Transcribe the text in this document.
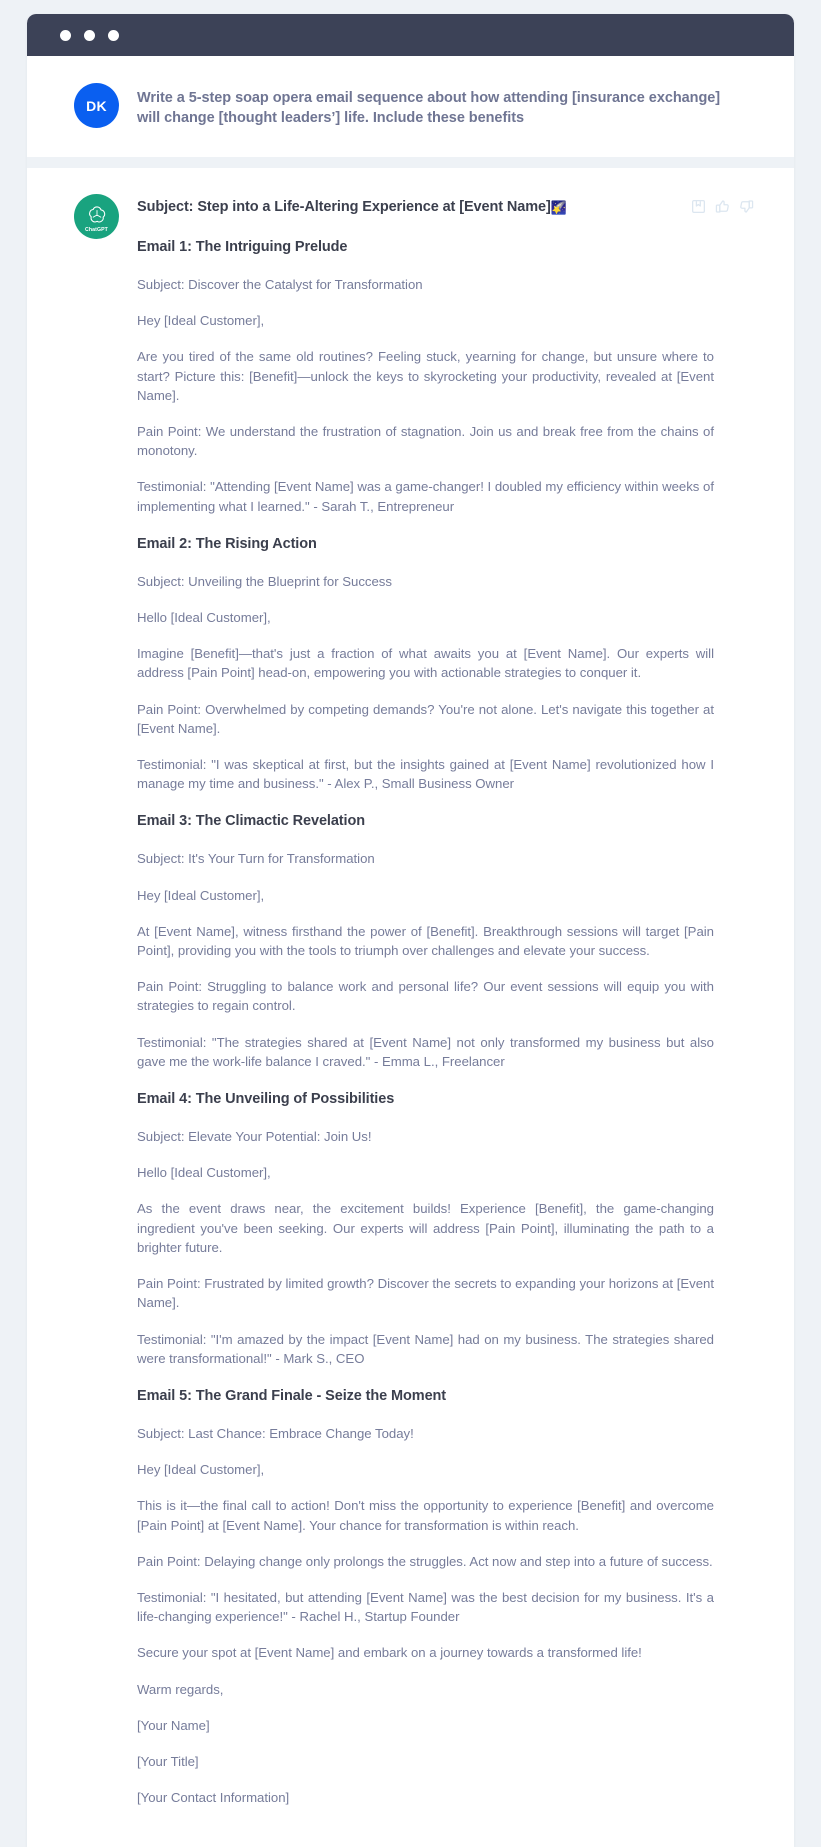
DK Write a 5-step soap opera email sequence about how attending [insurance exchange] will change [thought leaders’] life. Include these benefits
ChatGPT
Subject: Step into a Life-Altering Experience at [Event Name]🌠
Email 1: The Intriguing Prelude

Subject: Discover the Catalyst for Transformation

Hey [Ideal Customer],

Are you tired of the same old routines? Feeling stuck, yearning for change, but unsure where to start? Picture this: [Benefit]—unlock the keys to skyrocketing your productivity, revealed at [Event Name].

Pain Point: We understand the frustration of stagnation. Join us and break free from the chains of monotony.

Testimonial: "Attending [Event Name] was a game-changer! I doubled my efficiency within weeks of implementing what I learned." - Sarah T., Entrepreneur

Email 2: The Rising Action

Subject: Unveiling the Blueprint for Success

Hello [Ideal Customer],

Imagine [Benefit]—that's just a fraction of what awaits you at [Event Name]. Our experts will address [Pain Point] head-on, empowering you with actionable strategies to conquer it.

Pain Point: Overwhelmed by competing demands? You're not alone. Let's navigate this together at [Event Name].

Testimonial: "I was skeptical at first, but the insights gained at [Event Name] revolutionized how I manage my time and business." - Alex P., Small Business Owner

Email 3: The Climactic Revelation

Subject: It's Your Turn for Transformation

Hey [Ideal Customer],

At [Event Name], witness firsthand the power of [Benefit]. Breakthrough sessions will target [Pain Point], providing you with the tools to triumph over challenges and elevate your success.

Pain Point: Struggling to balance work and personal life? Our event sessions will equip you with strategies to regain control.

Testimonial: "The strategies shared at [Event Name] not only transformed my business but also gave me the work-life balance I craved." - Emma L., Freelancer

Email 4: The Unveiling of Possibilities

Subject: Elevate Your Potential: Join Us!

Hello [Ideal Customer],

As the event draws near, the excitement builds! Experience [Benefit], the game-changing ingredient you've been seeking. Our experts will address [Pain Point], illuminating the path to a brighter future.

Pain Point: Frustrated by limited growth? Discover the secrets to expanding your horizons at [Event Name].

Testimonial: "I'm amazed by the impact [Event Name] had on my business. The strategies shared were transformational!" - Mark S., CEO

Email 5: The Grand Finale - Seize the Moment

Subject: Last Chance: Embrace Change Today!

Hey [Ideal Customer],

This is it—the final call to action! Don't miss the opportunity to experience [Benefit] and overcome [Pain Point] at [Event Name]. Your chance for transformation is within reach.

Pain Point: Delaying change only prolongs the struggles. Act now and step into a future of success.

Testimonial: "I hesitated, but attending [Event Name] was the best decision for my business. It's a life-changing experience!" - Rachel H., Startup Founder

Secure your spot at [Event Name] and embark on a journey towards a transformed life!

Warm regards,

[Your Name]

[Your Title]

[Your Contact Information]
